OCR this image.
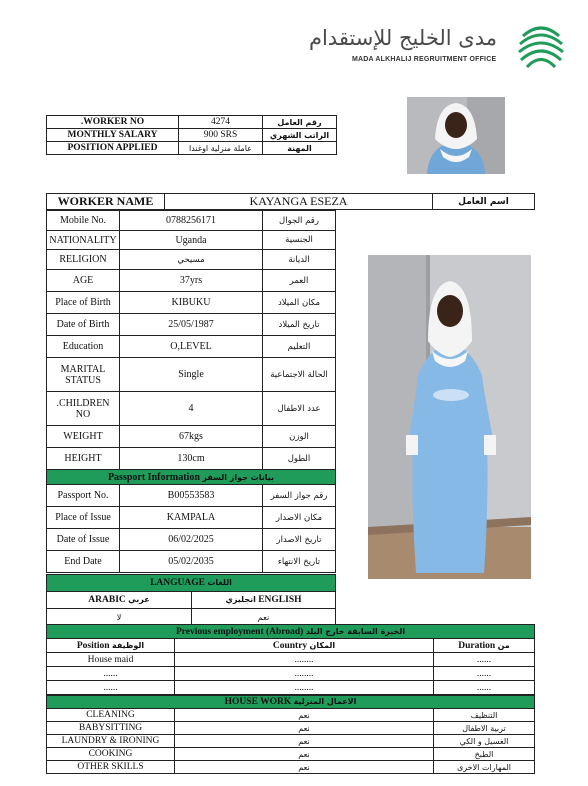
مدى الخليج للإستقدام
MADA ALKHALIJ REGRUITMENT OFFICE
.WORKER NO	4274	رقم العامل
MONTHLY SALARY	900 SRS	الراتب الشهري
POSITION APPLIED	عاملة منزلية اوغندا	المهنة
WORKER NAME	KAYANGA ESEZA	اسم العامل
Mobile No.	0788256171	رقم الجوال
NATIONALITY	Uganda	الجنسية
RELIGION	مسيحي	الديانة
AGE	37yrs	العمر
Place of Birth	KIBUKU	مكان الميلاد
Date of Birth	25/05/1987	تاريخ الميلاد
Education	O,LEVEL	التعليم
MARITAL STATUS	Single	الحالة الاجتماعية
.CHILDREN NO	4	عدد الاطفال
WEIGHT	67kgs	الوزن
HEIGHT	130cm	الطول
Passport Information بيانات جواز السفر		
Passport No.	B00553583	رقم جواز السفر
Place of Issue	KAMPALA	مكان الاصدار
Date of Issue	06/02/2025	تاريخ الاصدار
End Date	05/02/2035	تاريخ الانتهاء
LANGUAGE اللغات	
ARABIC عربي	انجليزي ENGLISH
لا	نعم
Previous employment (Abroad) الخبرة السابقة خارج البلد		
Position الوظيفة	Country المكان	Duration من
House maid	........	......
......	........	......
......	........	......
HOUSE WORK الاعمال المنزلية		
CLEANING	نعم	التنظيف
BABYSITTING	نعم	تربية الاطفال
LAUNDRY & IRONING	نعم	الغسيل و الكي
COOKING	نعم	الطبخ
OTHER SKILLS	نعم	المهارات الاخرى
